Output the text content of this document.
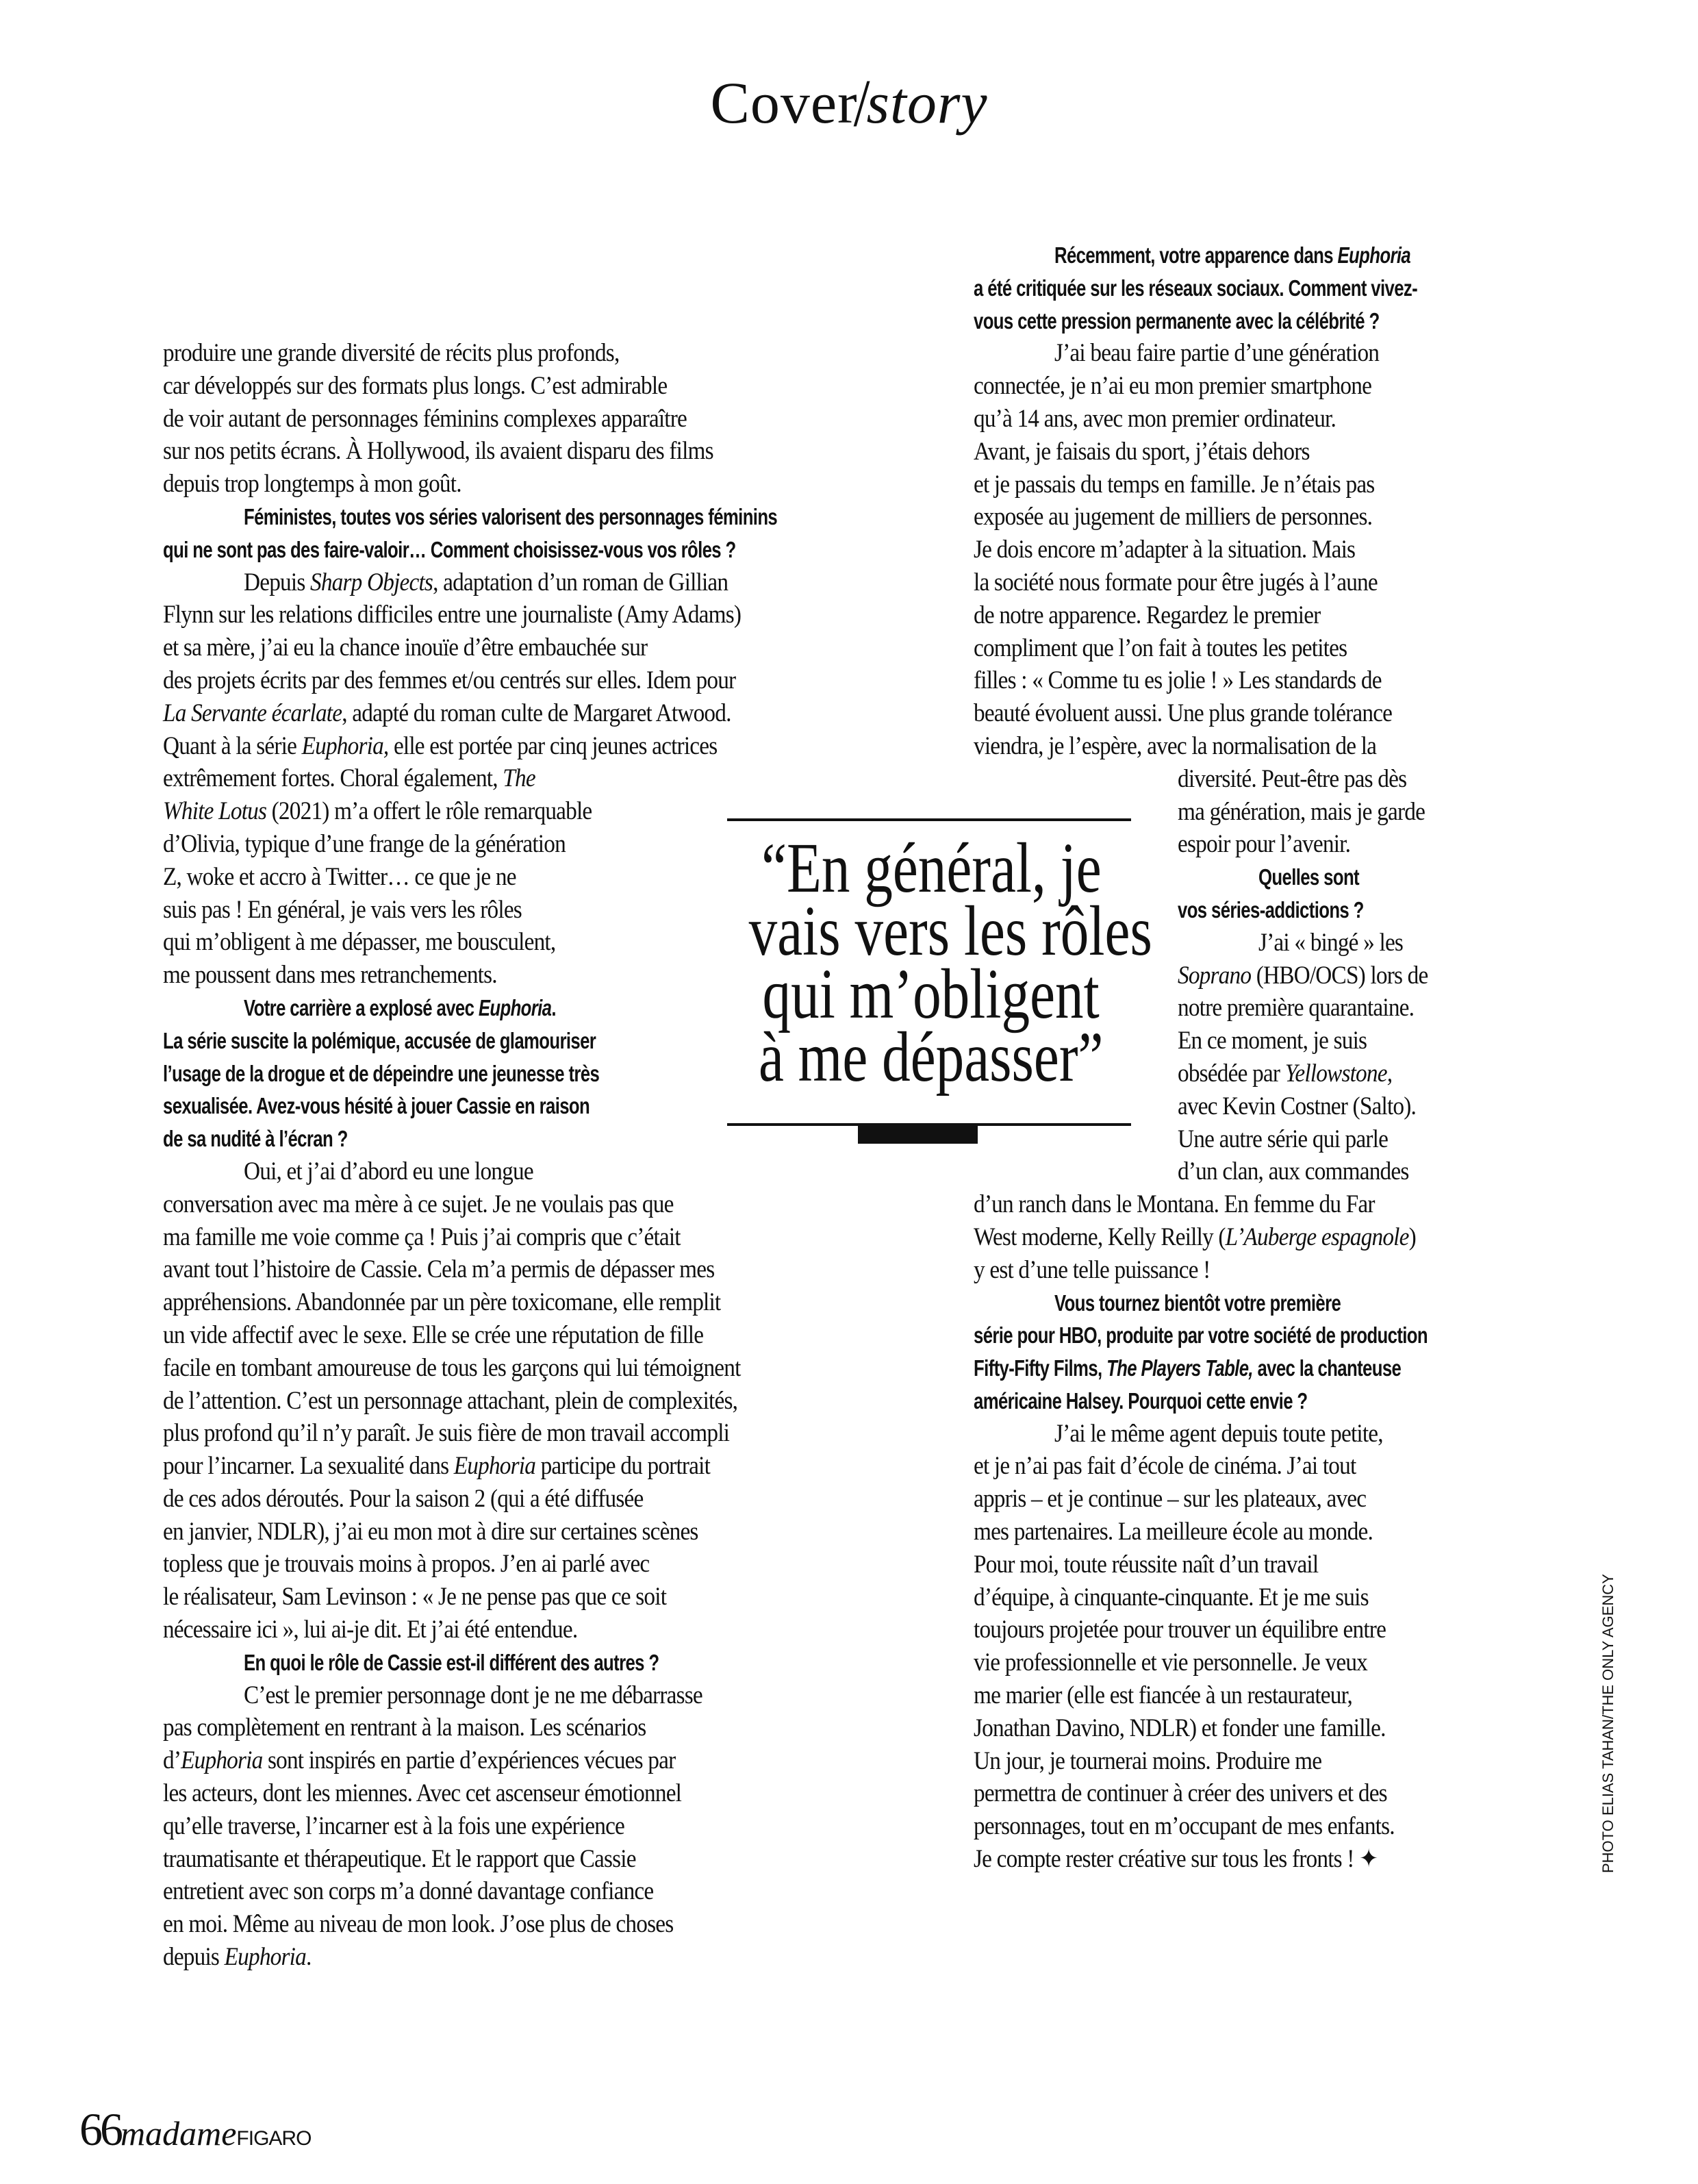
Cover/story
produire une grande diversité de récits plus profonds,
car développés sur des formats plus longs. C’est admirable
de voir autant de personnages féminins complexes apparaître
sur nos petits écrans. À Hollywood, ils avaient disparu des films
depuis trop longtemps à mon goût.
Féministes, toutes vos séries valorisent des personnages féminins
qui ne sont pas des faire-valoir… Comment choisissez-vous vos rôles ?
Depuis Sharp Objects, adaptation d’un roman de Gillian
Flynn sur les relations difficiles entre une journaliste (Amy Adams)
et sa mère, j’ai eu la chance inouïe d’être embauchée sur
des projets écrits par des femmes et/ou centrés sur elles. Idem pour
La Servante écarlate, adapté du roman culte de Margaret Atwood.
Quant à la série Euphoria, elle est portée par cinq jeunes actrices
extrêmement fortes. Choral également, The
White Lotus (2021) m’a offert le rôle remarquable
d’Olivia, typique d’une frange de la génération
Z, woke et accro à Twitter… ce que je ne
suis pas ! En général, je vais vers les rôles
qui m’obligent à me dépasser, me bousculent,
me poussent dans mes retranchements.
Votre carrière a explosé avec Euphoria.
La série suscite la polémique, accusée de glamouriser
l’usage de la drogue et de dépeindre une jeunesse très
sexualisée. Avez-vous hésité à jouer Cassie en raison
de sa nudité à l’écran ?
Oui, et j’ai d’abord eu une longue
conversation avec ma mère à ce sujet. Je ne voulais pas que
ma famille me voie comme ça ! Puis j’ai compris que c’était
avant tout l’histoire de Cassie. Cela m’a permis de dépasser mes
appréhensions. Abandonnée par un père toxicomane, elle remplit
un vide affectif avec le sexe. Elle se crée une réputation de fille
facile en tombant amoureuse de tous les garçons qui lui témoignent
de l’attention. C’est un personnage attachant, plein de complexités,
plus profond qu’il n’y paraît. Je suis fière de mon travail accompli
pour l’incarner. La sexualité dans Euphoria participe du portrait
de ces ados déroutés. Pour la saison 2 (qui a été diffusée
en janvier, NDLR), j’ai eu mon mot à dire sur certaines scènes
topless que je trouvais moins à propos. J’en ai parlé avec
le réalisateur, Sam Levinson : « Je ne pense pas que ce soit
nécessaire ici », lui ai-je dit. Et j’ai été entendue.
En quoi le rôle de Cassie est-il différent des autres ?
C’est le premier personnage dont je ne me débarrasse
pas complètement en rentrant à la maison. Les scénarios
d’Euphoria sont inspirés en partie d’expériences vécues par
les acteurs, dont les miennes. Avec cet ascenseur émotionnel
qu’elle traverse, l’incarner est à la fois une expérience
traumatisante et thérapeutique. Et le rapport que Cassie
entretient avec son corps m’a donné davantage confiance
en moi. Même au niveau de mon look. J’ose plus de choses
depuis Euphoria.
Récemment, votre apparence dans Euphoria
a été critiquée sur les réseaux sociaux. Comment vivez-
vous cette pression permanente avec la célébrité ?
J’ai beau faire partie d’une génération
connectée, je n’ai eu mon premier smartphone
qu’à 14 ans, avec mon premier ordinateur.
Avant, je faisais du sport, j’étais dehors
et je passais du temps en famille. Je n’étais pas
exposée au jugement de milliers de personnes.
Je dois encore m’adapter à la situation. Mais
la société nous formate pour être jugés à l’aune
de notre apparence. Regardez le premier
compliment que l’on fait à toutes les petites
filles : « Comme tu es jolie ! » Les standards de
beauté évoluent aussi. Une plus grande tolérance
viendra, je l’espère, avec la normalisation de la
diversité. Peut-être pas dès
ma génération, mais je garde
espoir pour l’avenir.
Quelles sont
vos séries-addictions ?
J’ai « bingé » les
Soprano (HBO/OCS) lors de
notre première quarantaine.
En ce moment, je suis
obsédée par Yellowstone,
avec Kevin Costner (Salto).
Une autre série qui parle
d’un clan, aux commandes
d’un ranch dans le Montana. En femme du Far
West moderne, Kelly Reilly (L’Auberge espagnole)
y est d’une telle puissance !
Vous tournez bientôt votre première
série pour HBO, produite par votre société de production
Fifty-Fifty Films, The Players Table, avec la chanteuse
américaine Halsey. Pourquoi cette envie ?
J’ai le même agent depuis toute petite,
et je n’ai pas fait d’école de cinéma. J’ai tout
appris – et je continue – sur les plateaux, avec
mes partenaires. La meilleure école au monde.
Pour moi, toute réussite naît d’un travail
d’équipe, à cinquante-cinquante. Et je me suis
toujours projetée pour trouver un équilibre entre
vie professionnelle et vie personnelle. Je veux
me marier (elle est fiancée à un restaurateur,
Jonathan Davino, NDLR) et fonder une famille.
Un jour, je tournerai moins. Produire me
permettra de continuer à créer des univers et des
personnages, tout en m’occupant de mes enfants.
Je compte rester créative sur tous les fronts ! ✦
“En général, je
vais vers les rôles
qui m’obligent
à me dépasser”
PHOTO ELIAS TAHAN/THE ONLY AGENCY
66madameFIGARO
